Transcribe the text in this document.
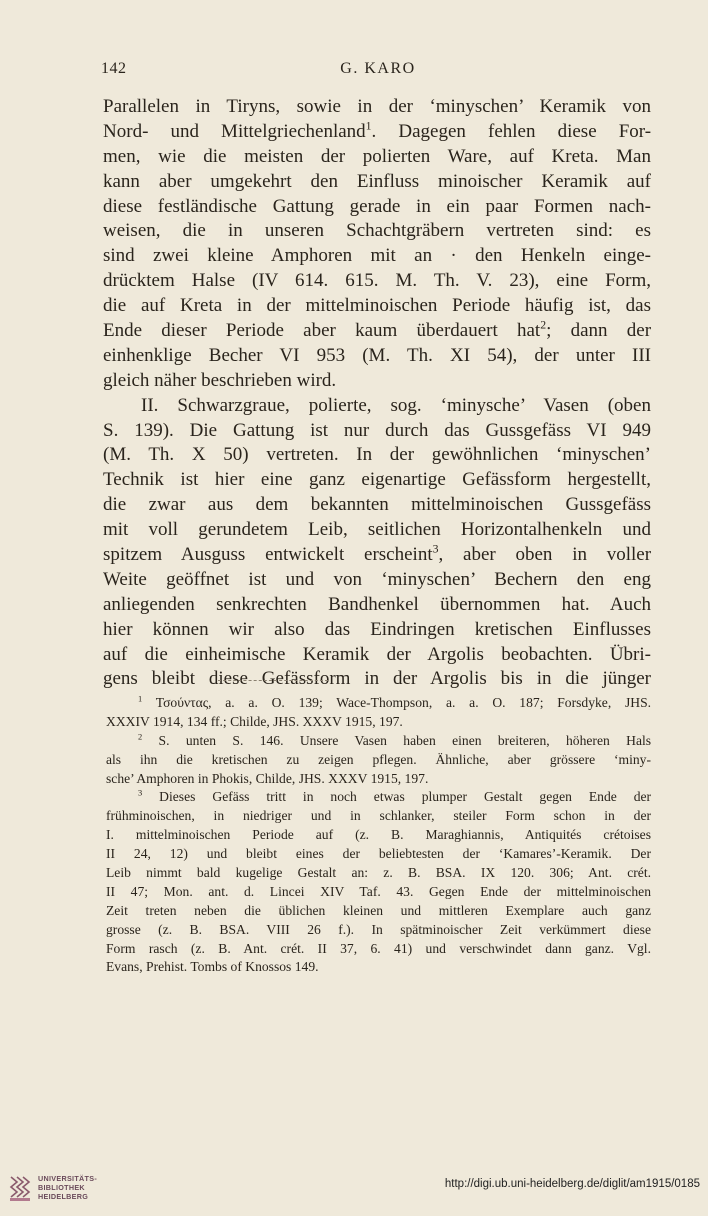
142	G. KARO
Parallelen in Tiryns, sowie in der ‘minyschen’ Keramik von
Nord- und Mittelgriechenland$^1$. Dagegen fehlen diese For-
men, wie die meisten der polierten Ware, auf Kreta. Man
kann aber umgekehrt den Einfluss minoischer Keramik auf
diese festländische Gattung gerade in ein paar Formen nach-
weisen, die in unseren Schachtgräbern vertreten sind: es
sind zwei kleine Amphoren mit an · den Henkeln einge-
drücktem Halse (IV 614. 615. M. Th. V. 23), eine Form,
die auf Kreta in der mittelminoischen Periode häufig ist, das
Ende dieser Periode aber kaum überdauert hat$^2$; dann der
einhenklige Becher VI 953 (M. Th. XI 54), der unter III
gleich näher beschrieben wird.
II. Schwarzgraue, polierte, sog. ‘minysche’ Vasen (oben
S. 139). Die Gattung ist nur durch das Gussgefäss VI 949
(M. Th. X 50) vertreten. In der gewöhnlichen ‘minyschen’
Technik ist hier eine ganz eigenartige Gefässform hergestellt,
die zwar aus dem bekannten mittelminoischen Gussgefäss
mit voll gerundetem Leib, seitlichen Horizontalhenkeln und
spitzem Ausguss entwickelt erscheint$^3$, aber oben in voller
Weite geöffnet ist und von ‘minyschen’ Bechern den eng
anliegenden senkrechten Bandhenkel übernommen hat. Auch
hier können wir also das Eindringen kretischen Einflusses
auf die einheimische Keramik der Argolis beobachten. Übri-
gens bleibt diese Gefässform in der Argolis bis in die jünger
$^1$ Τσούντας, a. a. O. 139; Wace-Thompson, a. a. O. 187; Forsdyke, JHS.
XXXIV 1914, 134 ff.; Childe, JHS. XXXV 1915, 197.
$^2$ S. unten S. 146. Unsere Vasen haben einen breiteren, höheren Hals
als ihn die kretischen zu zeigen pflegen. Ähnliche, aber grössere ‘miny-
sche’ Amphoren in Phokis, Childe, JHS. XXXV 1915, 197.
$^3$ Dieses Gefäss tritt in noch etwas plumper Gestalt gegen Ende der
frühminoischen, in niedriger und in schlanker, steiler Form schon in der
I. mittelminoischen Periode auf (z. B. Maraghiannis, Antiquités crétoises
II 24, 12) und bleibt eines der beliebtesten der ‘Kamares’-Keramik. Der
Leib nimmt bald kugelige Gestalt an: z. B. BSA. IX 120. 306; Ant. crét.
II 47; Mon. ant. d. Lincei XIV Taf. 43. Gegen Ende der mittelminoischen
Zeit treten neben die üblichen kleinen und mittleren Exemplare auch ganz
grosse (z. B. BSA. VIII 26 f.). In spätminoischer Zeit verkümmert diese
Form rasch (z. B. Ant. crét. II 37, 6. 41) und verschwindet dann ganz. Vgl.
Evans, Prehist. Tombs of Knossos 149.
UNIVERSITÄTS-
BIBLIOTHEK
HEIDELBERG
http://digi.ub.uni-heidelberg.de/diglit/am1915/0185
